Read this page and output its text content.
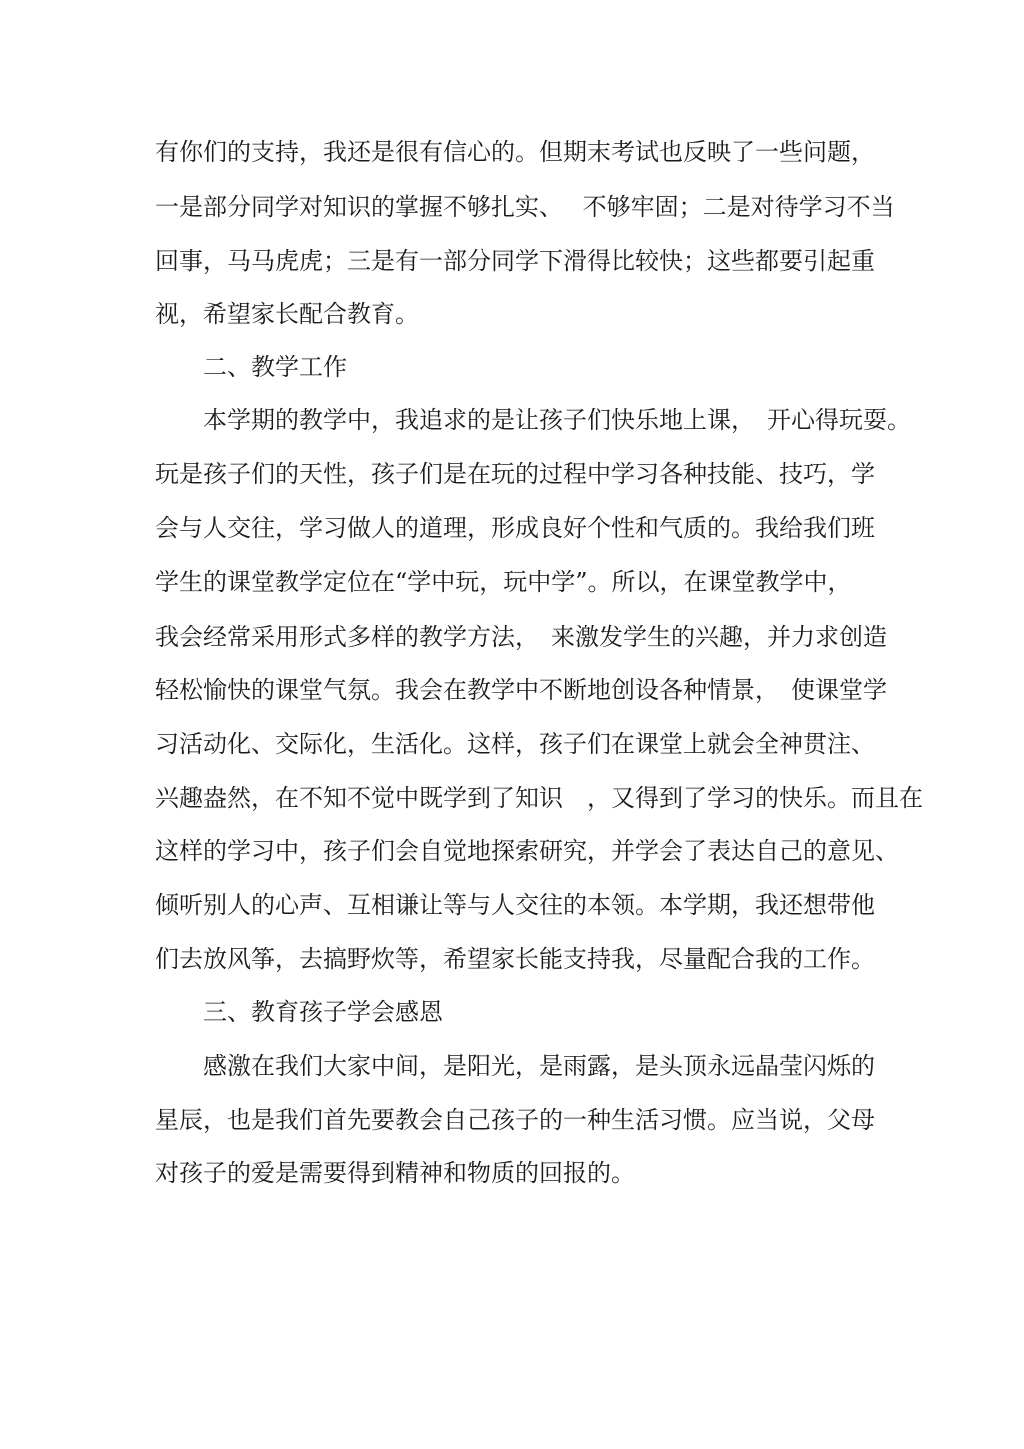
有你们的支持，我还是很有信心的。但期末考试也反映了一些问题，

一是部分同学对知识的掌握不够扎实、　 不够牢固；二是对待学习不当

回事，马马虎虎；三是有一部分同学下滑得比较快；这些都要引起重

视，希望家长配合教育。

　　二、教学工作

　　本学期的教学中，我追求的是让孩子们快乐地上课，　开心得玩耍。

玩是孩子们的天性，孩子们是在玩的过程中学习各种技能、技巧，学

会与人交往，学习做人的道理，形成良好个性和气质的。我给我们班

学生的课堂教学定位在“学中玩，玩中学”。所以，在课堂教学中，

我会经常采用形式多样的教学方法，　来激发学生的兴趣，并力求创造

轻松愉快的课堂气氛。我会在教学中不断地创设各种情景，　使课堂学

习活动化、交际化，生活化。这样，孩子们在课堂上就会全神贯注、

兴趣盎然，在不知不觉中既学到了知识　，又得到了学习的快乐。而且在

这样的学习中，孩子们会自觉地探索研究，并学会了表达自己的意见、

倾听别人的心声、互相谦让等与人交往的本领。本学期，我还想带他

们去放风筝，去搞野炊等，希望家长能支持我，尽量配合我的工作。

　　三、教育孩子学会感恩

　　感激在我们大家中间，是阳光，是雨露，是头顶永远晶莹闪烁的

星辰，也是我们首先要教会自己孩子的一种生活习惯。应当说，父母

对孩子的爱是需要得到精神和物质的回报的。
